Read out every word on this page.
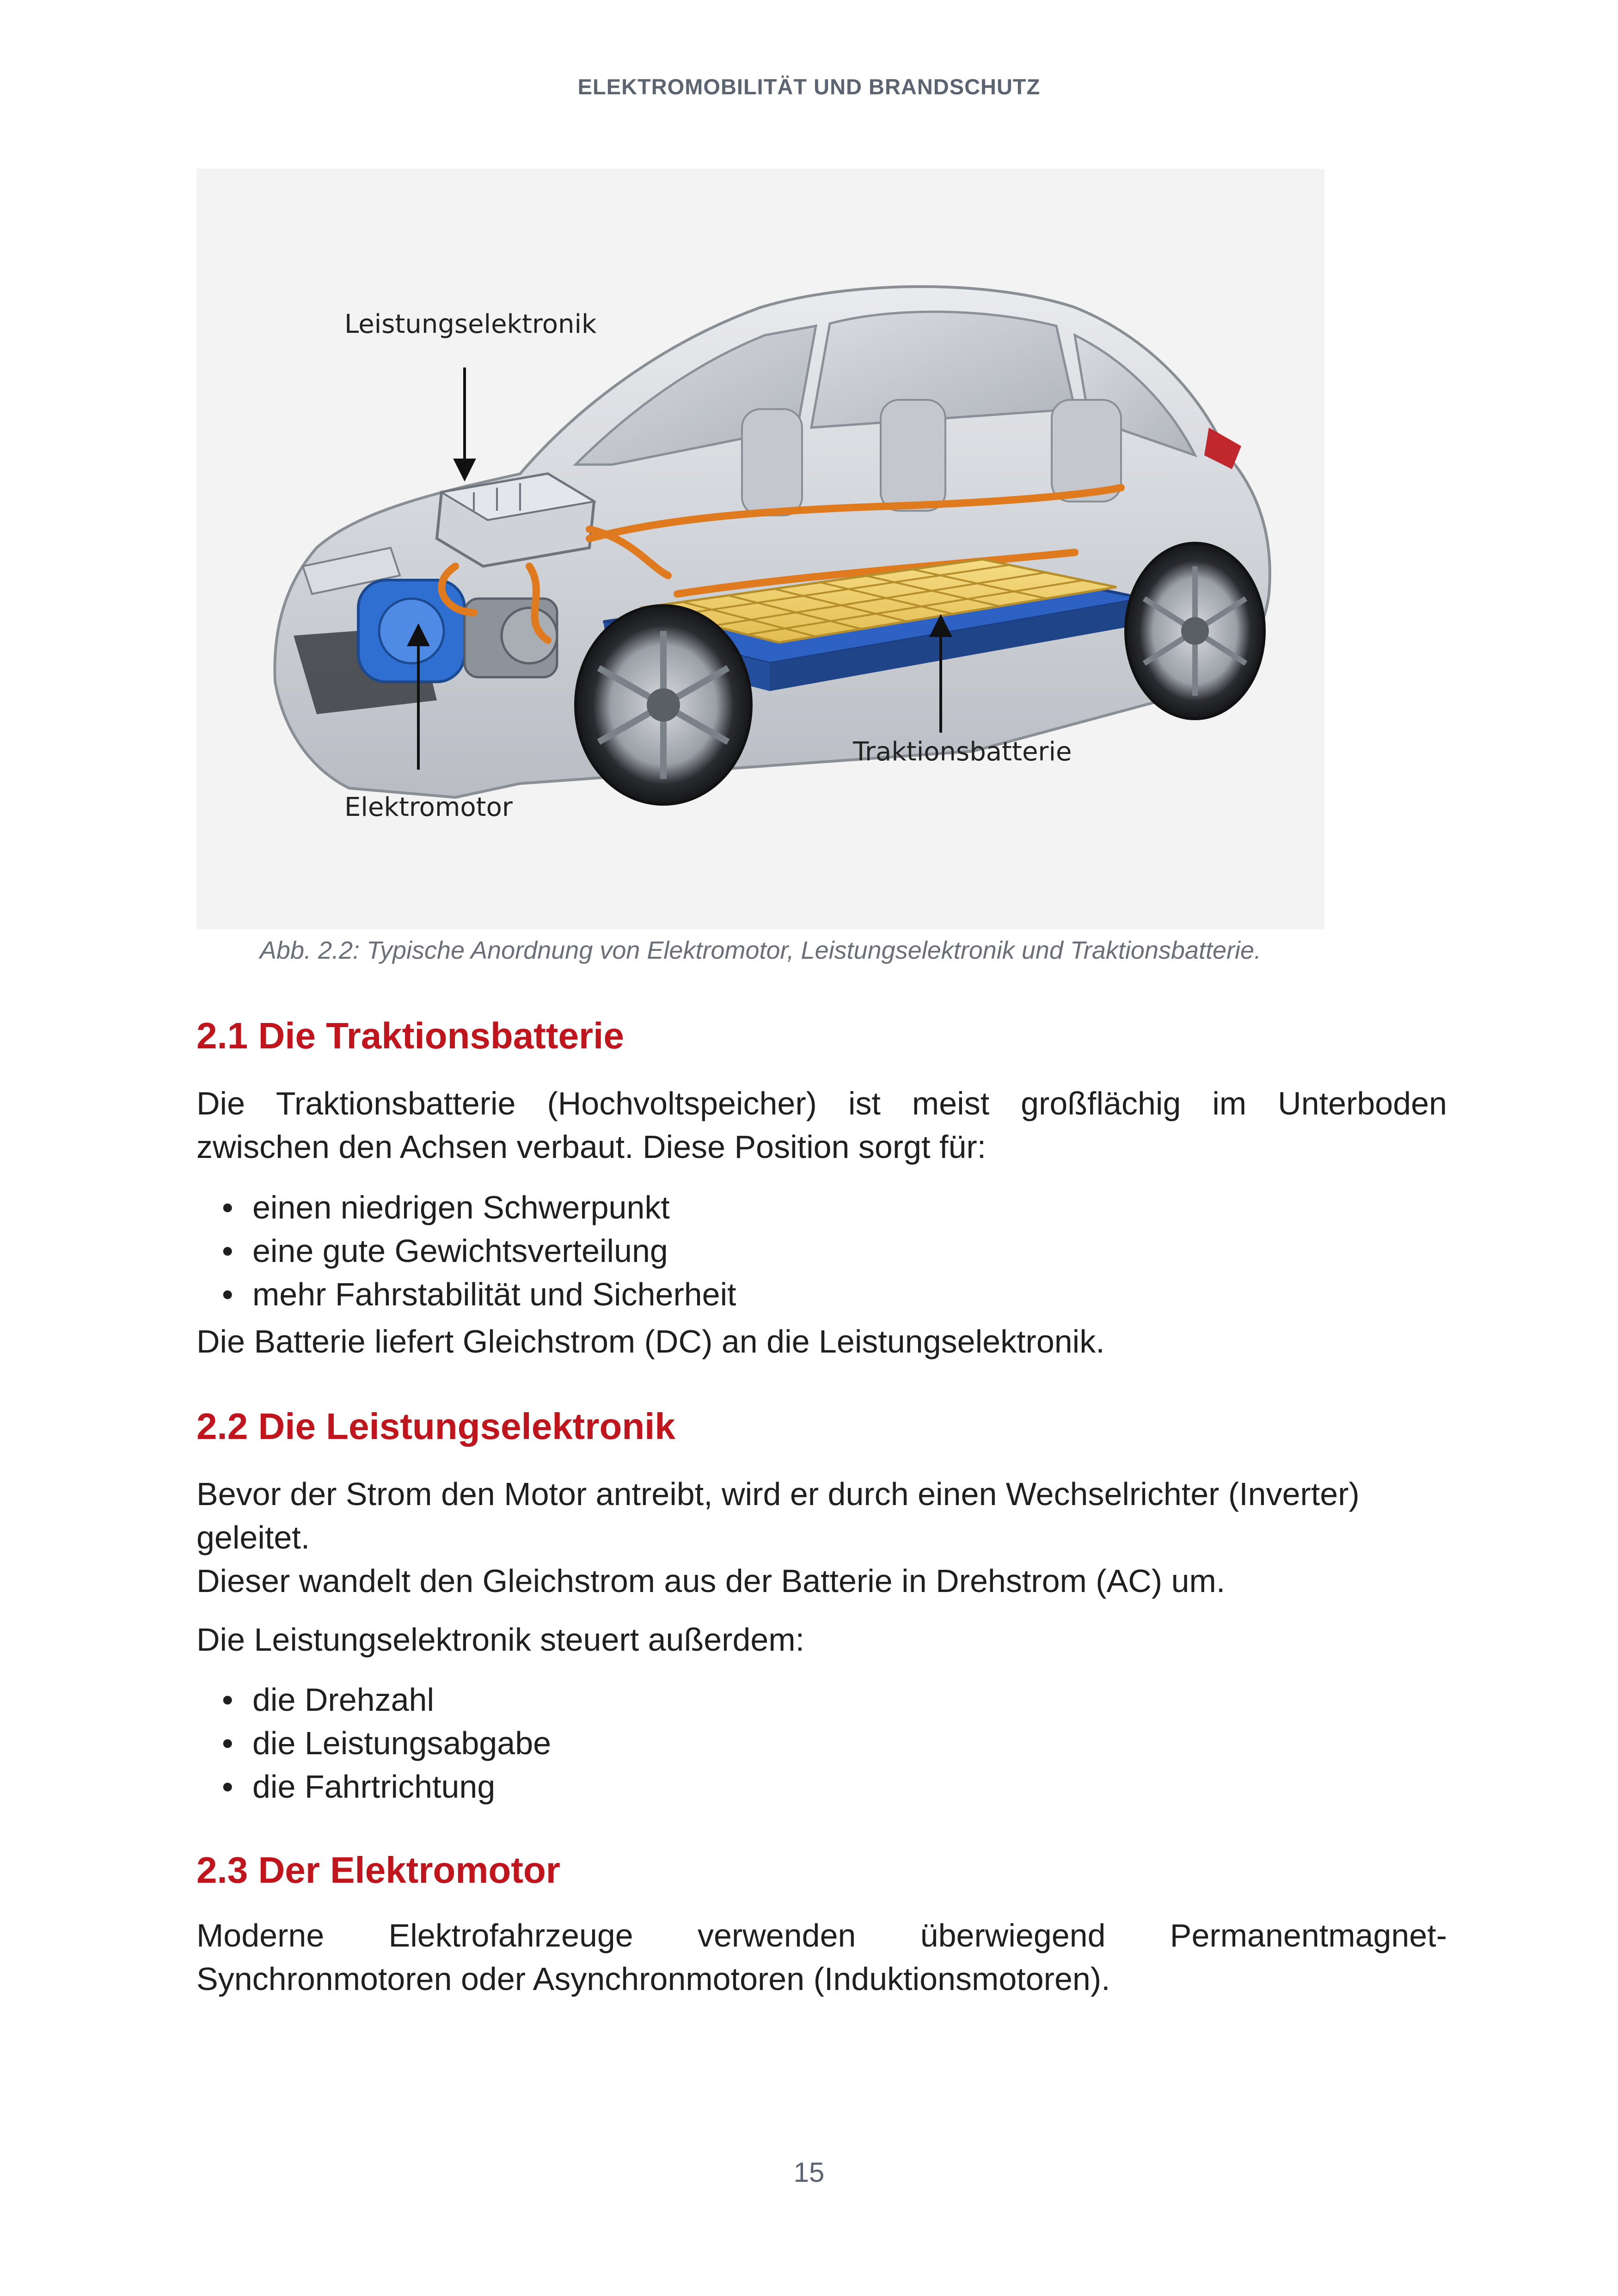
ELEKTROMOBILITÄT UND BRANDSCHUTZ
Leistungselektronik
Traktionsbatterie
Elektromotor
Abb. 2.2: Typische Anordnung von Elektromotor, Leistungselektronik und Traktionsbatterie.
2.1 Die Traktionsbatterie
Die Traktionsbatterie (Hochvoltspeicher) ist meist großflächig im Unterboden
zwischen den Achsen verbaut. Diese Position sorgt für:
• einen niedrigen Schwerpunkt
• eine gute Gewichtsverteilung
• mehr Fahrstabilität und Sicherheit
Die Batterie liefert Gleichstrom (DC) an die Leistungselektronik.
2.2 Die Leistungselektronik
Bevor der Strom den Motor antreibt, wird er durch einen Wechselrichter (Inverter)
geleitet.
Dieser wandelt den Gleichstrom aus der Batterie in Drehstrom (AC) um.
Die Leistungselektronik steuert außerdem:
• die Drehzahl
• die Leistungsabgabe
• die Fahrtrichtung
2.3 Der Elektromotor
Moderne Elektrofahrzeuge verwenden überwiegend Permanentmagnet-
Synchronmotoren oder Asynchronmotoren (Induktionsmotoren).
15
